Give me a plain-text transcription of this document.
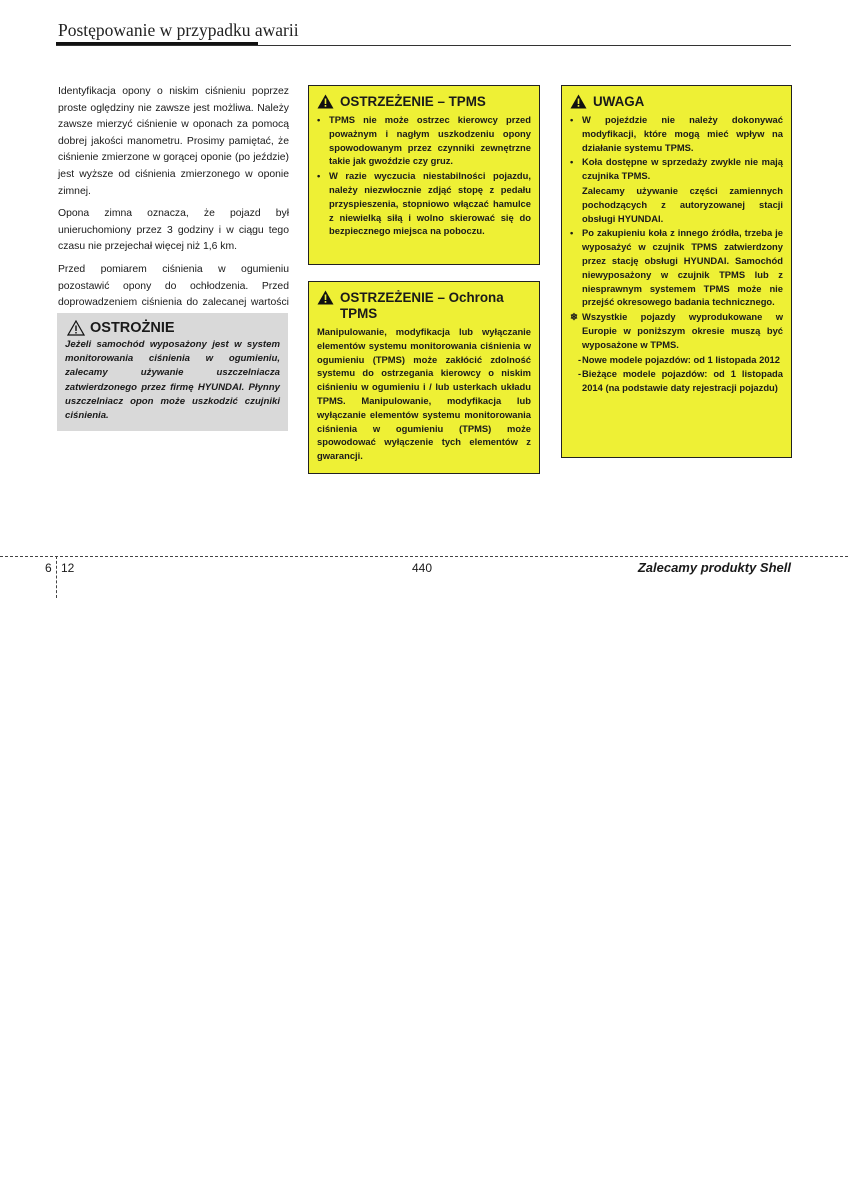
Postępowanie w przypadku awarii

Identyfikacja opony o niskim ciśnieniu poprzez proste oględziny nie zawsze jest możliwa. Należy zawsze mierzyć ciśnienie w oponach za pomocą dobrej jakości manometru. Prosimy pamiętać, że ciśnienie zmierzone w gorącej oponie (po jeździe) jest wyższe od ciśnienia zmierzonego w oponie zimnej.

Opona zimna oznacza, że pojazd był unieruchomiony przez 3 godziny i w ciągu tego czasu nie przejechał więcej niż 1,6 km.

Przed pomiarem ciśnienia w ogumieniu pozostawić opony do ochłodzenia. Przed doprowadzeniem ciśnienia do zalecanej wartości

OSTROŻNIE

Jeżeli samochód wyposażony jest w system monitorowania ciśnienia w ogumieniu, zalecamy używanie uszczelniacza zatwierdzonego przez firmę HYUNDAI. Płynny uszczelniacz opon może uszkodzić czujniki ciśnienia.

OSTRZEŻENIE – TPMS
• TPMS nie może ostrzec kierowcy przed poważnym i nagłym uszkodzeniu opony spowodowanym przez czynniki zewnętrzne takie jak gwoździe czy gruz.
• W razie wyczucia niestabilności pojazdu, należy niezwłocznie zdjąć stopę z pedału przyspieszenia, stopniowo włączać hamulce z niewielką siłą i wolno skierować się do bezpiecznego miejsca na poboczu.
OSTRZEŻENIE – Ochrona TPMS

Manipulowanie, modyfikacja lub wyłączanie elementów systemu monitorowania ciśnienia w ogumieniu (TPMS) może zakłócić zdolność systemu do ostrzegania kierowcy o niskim ciśnieniu w ogumieniu i / lub usterkach układu TPMS. Manipulowanie, modyfikacja lub wyłączanie elementów systemu monitorowania ciśnienia w ogumieniu (TPMS) może spowodować wyłączenie tych elementów z gwarancji.

UWAGA
• W pojeździe nie należy dokonywać modyfikacji, które mogą mieć wpływ na działanie systemu TPMS.
• Koła dostępne w sprzedaży zwykle nie mają czujnika TPMS.
Zalecamy używanie części zamiennych pochodzących z autoryzowanej stacji obsługi HYUNDAI.
• Po zakupieniu koła z innego źródła, trzeba je wyposażyć w czujnik TPMS zatwierdzony przez stację obsługi HYUNDAI. Samochód niewyposażony w czujnik TPMS lub z niesprawnym systemem TPMS może nie przejść okresowego badania technicznego.
❄ Wszystkie pojazdy wyprodukowane w Europie w poniższym okresie muszą być wyposażone w TPMS.
- Nowe modele pojazdów: od 1 listopada 2012
- Bieżące modele pojazdów: od 1 listopada 2014 (na podstawie daty rejestracji pojazdu)
6 12	440	Zalecamy produkty Shell
